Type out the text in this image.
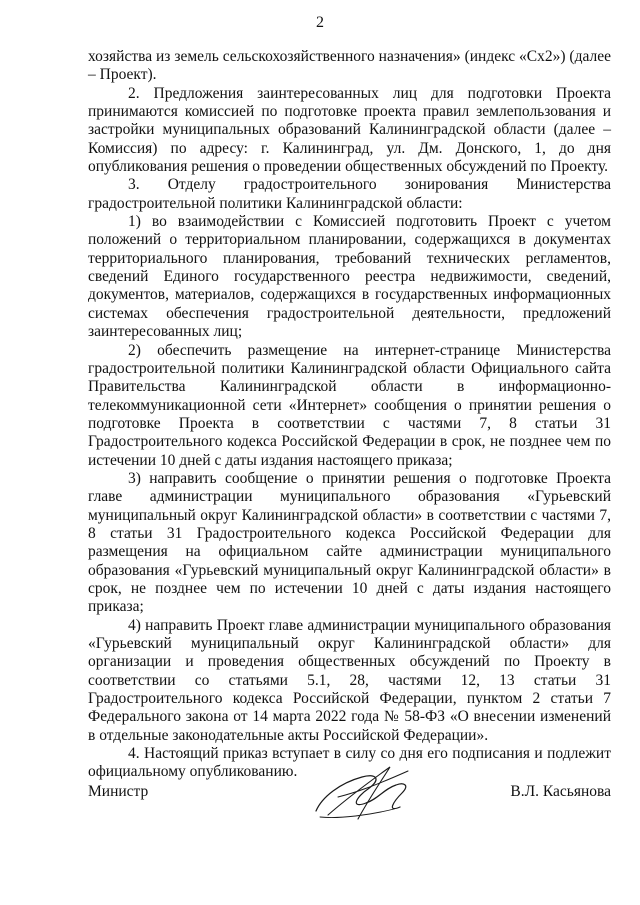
2

хозяйства из земель сельскохозяйственного назначения» (индекс «Сх2») (далее – Проект).

2. Предложения заинтересованных лиц для подготовки Проекта принимаются комиссией по подготовке проекта правил землепользования и застройки муниципальных образований Калининградской области (далее – Комиссия) по адресу: г. Калининград, ул. Дм. Донского, 1, до дня опубликования решения о проведении общественных обсуждений по Проекту.

3. Отделу градостроительного зонирования Министерства градостроительной политики Калининградской области:

1) во взаимодействии с Комиссией подготовить Проект с учетом положений о территориальном планировании, содержащихся в документах территориального планирования, требований технических регламентов, сведений Единого государственного реестра недвижимости, сведений, документов, материалов, содержащихся в государственных информационных системах обеспечения градостроительной деятельности, предложений заинтересованных лиц;

2) обеспечить размещение на интернет-странице Министерства градостроительной политики Калининградской области Официального сайта Правительства Калининградской области в информационно-телекоммуникационной сети «Интернет» сообщения о принятии решения о подготовке Проекта в соответствии с частями 7, 8 статьи 31 Градостроительного кодекса Российской Федерации в срок, не позднее чем по истечении 10 дней с даты издания настоящего приказа;

3) направить сообщение о принятии решения о подготовке Проекта главе администрации муниципального образования «Гурьевский муниципальный округ Калининградской области» в соответствии с частями 7, 8 статьи 31 Градостроительного кодекса Российской Федерации для размещения на официальном сайте администрации муниципального образования «Гурьевский муниципальный округ Калининградской области» в срок, не позднее чем по истечении 10 дней с даты издания настоящего приказа;

4) направить Проект главе администрации муниципального образования «Гурьевский муниципальный округ Калининградской области» для организации и проведения общественных обсуждений по Проекту в соответствии со статьями 5.1, 28, частями 12, 13 статьи 31 Градостроительного кодекса Российской Федерации, пунктом 2 статьи 7 Федерального закона от 14 марта 2022 года № 58-ФЗ «О внесении изменений в отдельные законодательные акты Российской Федерации».

4. Настоящий приказ вступает в силу со дня его подписания и подлежит официальному опубликованию.

Министр	В.Л. Касьянова
